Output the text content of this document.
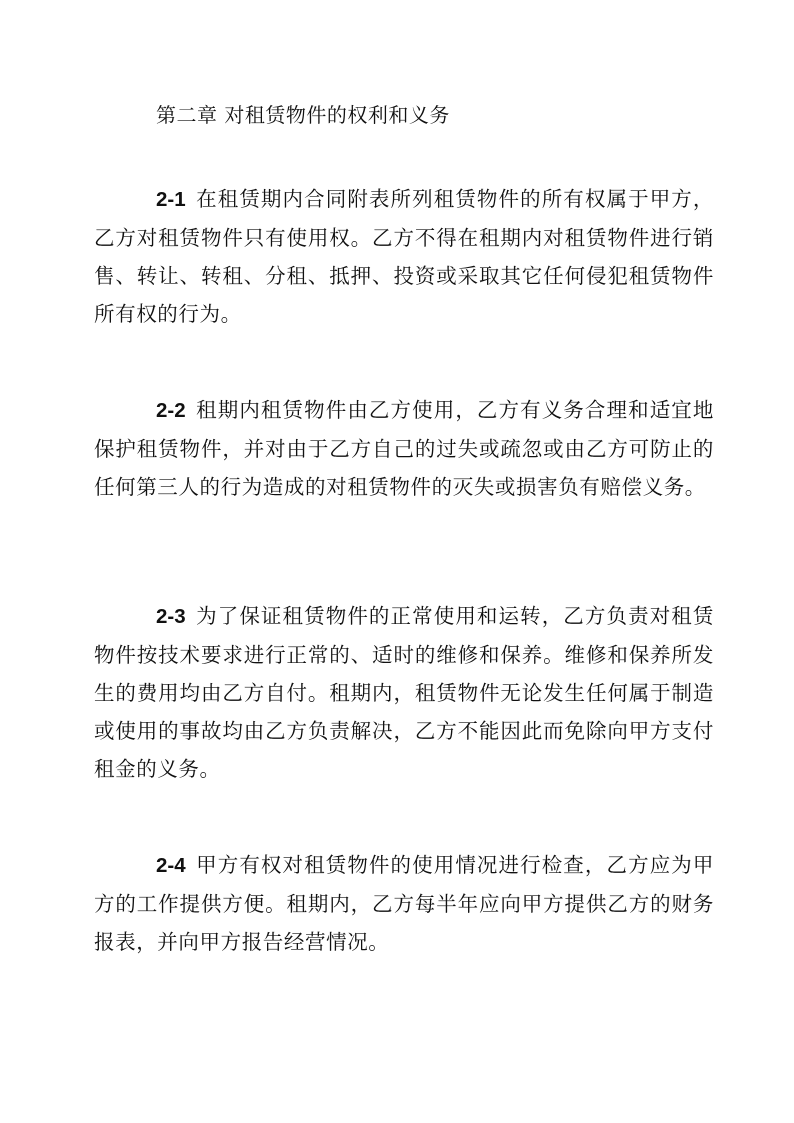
第二章 对租赁物件的权利和义务

2-1 在租赁期内合同附表所列租赁物件的所有权属于甲方，乙方对租赁物件只有使用权。乙方不得在租期内对租赁物件进行销售、转让、转租、分租、抵押、投资或采取其它任何侵犯租赁物件所有权的行为。

2-2 租期内租赁物件由乙方使用，乙方有义务合理和适宜地保护租赁物件，并对由于乙方自己的过失或疏忽或由乙方可防止的任何第三人的行为造成的对租赁物件的灭失或损害负有赔偿义务。

2-3 为了保证租赁物件的正常使用和运转，乙方负责对租赁物件按技术要求进行正常的、适时的维修和保养。维修和保养所发生的费用均由乙方自付。租期内，租赁物件无论发生任何属于制造或使用的事故均由乙方负责解决，乙方不能因此而免除向甲方支付租金的义务。

2-4 甲方有权对租赁物件的使用情况进行检查，乙方应为甲方的工作提供方便。租期内，乙方每半年应向甲方提供乙方的财务报表，并向甲方报告经营情况。
